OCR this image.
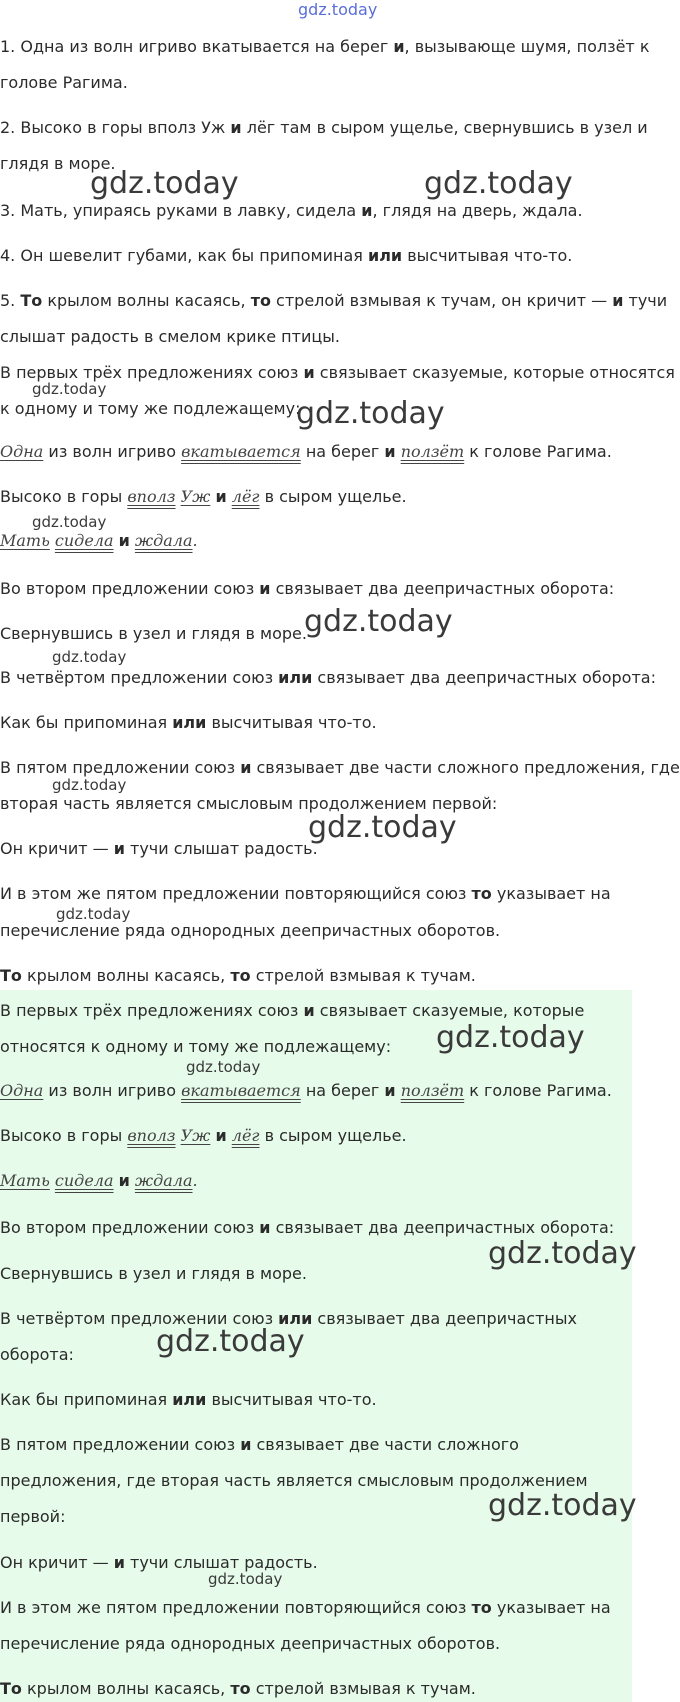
1. Одна из волн игриво вкатывается на берег и, вызывающе шумя, ползёт к

голове Рагима.

2. Высоко в горы вполз Уж и лёг там в сыром ущелье, свернувшись в узел и

глядя в море.

3. Мать, упираясь руками в лавку, сидела и, глядя на дверь, ждала.

4. Он шевелит губами, как бы припоминая или высчитывая что-то.

5. То крылом волны касаясь, то стрелой взмывая к тучам, он кричит — и тучи

слышат радость в смелом крике птицы.

В первых трёх предложениях союз и связывает сказуемые, которые относятся

к одному и тому же подлежащему:

Одна из волн игриво вкатывается на берег и ползёт к голове Рагима.

Высоко в горы вполз Уж и лёг в сыром ущелье.

Мать сидела и ждала.

Во втором предложении союз и связывает два деепричастных оборота:

Свернувшись в узел и глядя в море.

В четвёртом предложении союз или связывает два деепричастных оборота:

Как бы припоминая или высчитывая что-то.

В пятом предложении союз и связывает две части сложного предложения, где

вторая часть является смысловым продолжением первой:

Он кричит — и тучи слышат радость.

И в этом же пятом предложении повторяющийся союз то указывает на

перечисление ряда однородных деепричастных оборотов.

То крылом волны касаясь, то стрелой взмывая к тучам.

В первых трёх предложениях союз и связывает сказуемые, которые

относятся к одному и тому же подлежащему:

Одна из волн игриво вкатывается на берег и ползёт к голове Рагима.

Высоко в горы вполз Уж и лёг в сыром ущелье.

Мать сидела и ждала.

Во втором предложении союз и связывает два деепричастных оборота:

Свернувшись в узел и глядя в море.

В четвёртом предложении союз или связывает два деепричастных

оборота:

Как бы припоминая или высчитывая что-то.

В пятом предложении союз и связывает две части сложного

предложения, где вторая часть является смысловым продолжением

первой:

Он кричит — и тучи слышат радость.

И в этом же пятом предложении повторяющийся союз то указывает на

перечисление ряда однородных деепричастных оборотов.

То крылом волны касаясь, то стрелой взмывая к тучам.

gdz.today
gdz.today	gdz.today
gdz.today
gdz.today
gdz.today
gdz.today
gdz.today
gdz.today
gdz.today
gdz.today
gdz.today
gdz.today
gdz.today
gdz.today
gdz.today
gdz.today
